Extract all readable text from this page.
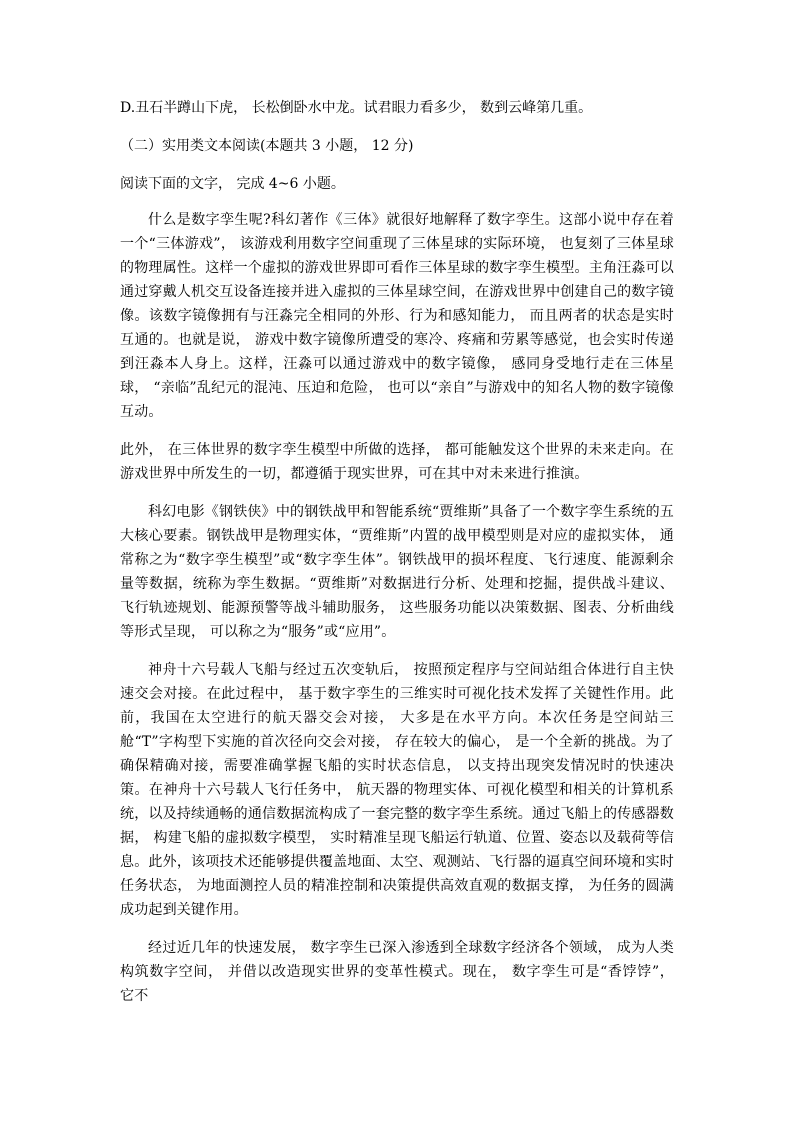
D.丑石半蹲山下虎， 长松倒卧水中龙。试君眼力看多少， 数到云峰第几重。

（二）实用类文本阅读(本题共 3 小题， 12 分)

阅读下面的文字， 完成 4~6 小题。

什么是数字孪生呢?科幻著作《三体》就很好地解释了数字孪生。这部小说中存在着一个“三体游戏”， 该游戏利用数字空间重现了三体星球的实际环境， 也复刻了三体星球的物理属性。这样一个虚拟的游戏世界即可看作三体星球的数字孪生模型。主角汪淼可以通过穿戴人机交互设备连接并进入虚拟的三体星球空间，在游戏世界中创建自己的数字镜像。该数字镜像拥有与汪淼完全相同的外形、行为和感知能力， 而且两者的状态是实时互通的。也就是说， 游戏中数字镜像所遭受的寒冷、疼痛和劳累等感觉，也会实时传递到汪淼本人身上。这样，汪淼可以通过游戏中的数字镜像， 感同身受地行走在三体星球， “亲临”乱纪元的混沌、压迫和危险， 也可以“亲自”与游戏中的知名人物的数字镜像互动。

此外， 在三体世界的数字孪生模型中所做的选择， 都可能触发这个世界的未来走向。在游戏世界中所发生的一切，都遵循于现实世界，可在其中对未来进行推演。

科幻电影《钢铁侠》中的钢铁战甲和智能系统“贾维斯”具备了一个数字孪生系统的五大核心要素。钢铁战甲是物理实体，“贾维斯”内置的战甲模型则是对应的虚拟实体， 通常称之为“数字孪生模型”或“数字孪生体”。钢铁战甲的损坏程度、飞行速度、能源剩余量等数据，统称为孪生数据。“贾维斯”对数据进行分析、处理和挖掘，提供战斗建议、飞行轨迹规划、能源预警等战斗辅助服务， 这些服务功能以决策数据、图表、分析曲线等形式呈现， 可以称之为“服务”或“应用”。

神舟十六号载人飞船与经过五次变轨后， 按照预定程序与空间站组合体进行自主快速交会对接。在此过程中， 基于数字孪生的三维实时可视化技术发挥了关键性作用。此前，我国在太空进行的航天器交会对接， 大多是在水平方向。本次任务是空间站三舱“T”字构型下实施的首次径向交会对接， 存在较大的偏心， 是一个全新的挑战。为了确保精确对接，需要准确掌握飞船的实时状态信息， 以支持出现突发情况时的快速决策。在神舟十六号载人飞行任务中， 航天器的物理实体、可视化模型和相关的计算机系统，以及持续通畅的通信数据流构成了一套完整的数字孪生系统。通过飞船上的传感器数据， 构建飞船的虚拟数字模型， 实时精准呈现飞船运行轨道、位置、姿态以及载荷等信息。此外，该项技术还能够提供覆盖地面、太空、观测站、飞行器的逼真空间环境和实时任务状态， 为地面测控人员的精准控制和决策提供高效直观的数据支撑， 为任务的圆满成功起到关键作用。

经过近几年的快速发展， 数字孪生已深入渗透到全球数字经济各个领域， 成为人类构筑数字空间， 并借以改造现实世界的变革性模式。现在， 数字孪生可是“香饽饽”， 它不
